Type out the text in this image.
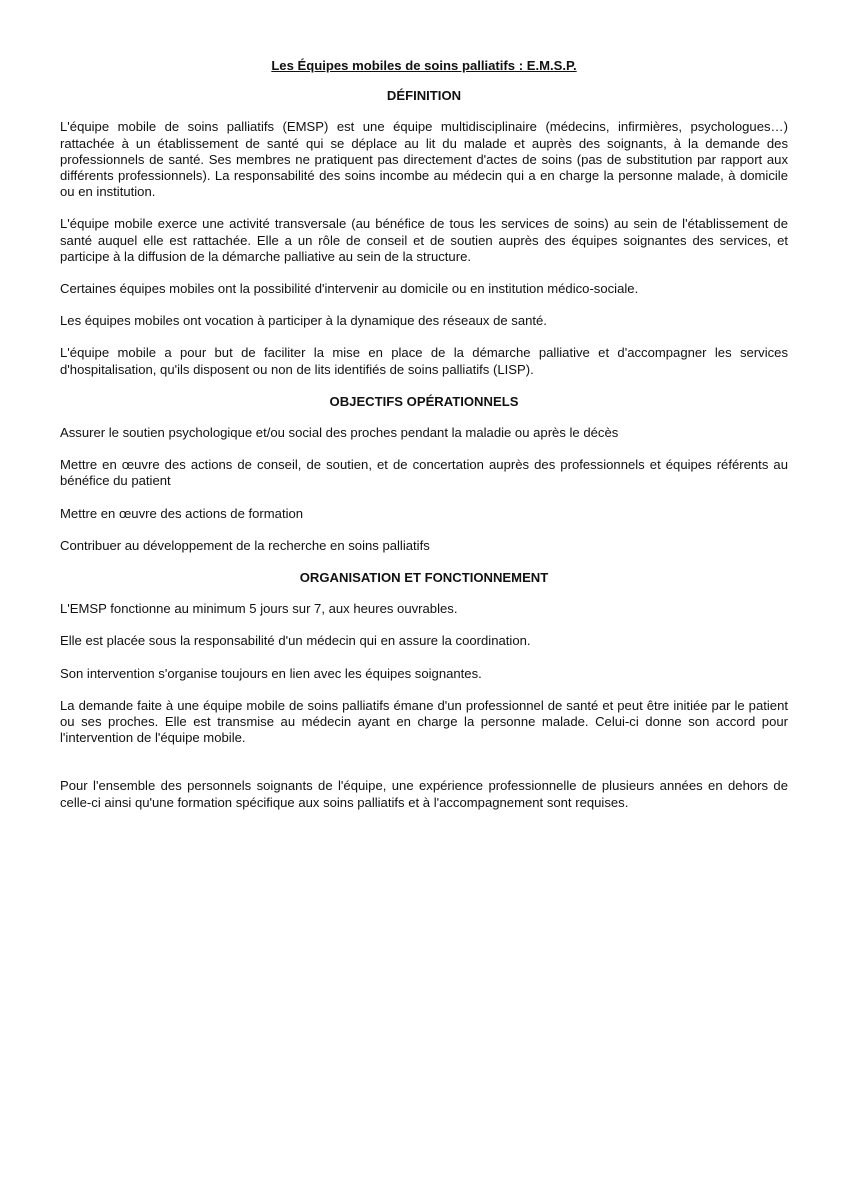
Les Équipes mobiles de soins palliatifs : E.M.S.P.
DÉFINITION

L'équipe mobile de soins palliatifs (EMSP) est une équipe multidisciplinaire (médecins, infirmières, psychologues…) rattachée à un établissement de santé qui se déplace au lit du malade et auprès des soignants, à la demande des professionnels de santé. Ses membres ne pratiquent pas directement d'actes de soins (pas de substitution par rapport aux différents professionnels). La responsabilité des soins incombe au médecin qui a en charge la personne malade, à domicile ou en institution.

L'équipe mobile exerce une activité transversale (au bénéfice de tous les services de soins) au sein de l'établissement de santé auquel elle est rattachée. Elle a un rôle de conseil et de soutien auprès des équipes soignantes des services, et participe à la diffusion de la démarche palliative au sein de la structure.

Certaines équipes mobiles ont la possibilité d'intervenir au domicile ou en institution médico-sociale.

Les équipes mobiles ont vocation à participer à la dynamique des réseaux de santé.

L'équipe mobile a pour but de faciliter la mise en place de la démarche palliative et d'accompagner les services d'hospitalisation, qu'ils disposent ou non de lits identifiés de soins palliatifs (LISP).

OBJECTIFS OPÉRATIONNELS

Assurer le soutien psychologique et/ou social des proches pendant la maladie ou après le décès

Mettre en œuvre des actions de conseil, de soutien, et de concertation auprès des professionnels et équipes référents au bénéfice du patient

Mettre en œuvre des actions de formation

Contribuer au développement de la recherche en soins palliatifs

ORGANISATION ET FONCTIONNEMENT

L'EMSP fonctionne au minimum 5 jours sur 7, aux heures ouvrables.

Elle est placée sous la responsabilité d'un médecin qui en assure la coordination.

Son intervention s'organise toujours en lien avec les équipes soignantes.

La demande faite à une équipe mobile de soins palliatifs émane d'un professionnel de santé et peut être initiée par le patient ou ses proches. Elle est transmise au médecin ayant en charge la personne malade. Celui-ci donne son accord pour l'intervention de l'équipe mobile.

Pour l'ensemble des personnels soignants de l'équipe, une expérience professionnelle de plusieurs années en dehors de celle-ci ainsi qu'une formation spécifique aux soins palliatifs et à l'accompagnement sont requises.
